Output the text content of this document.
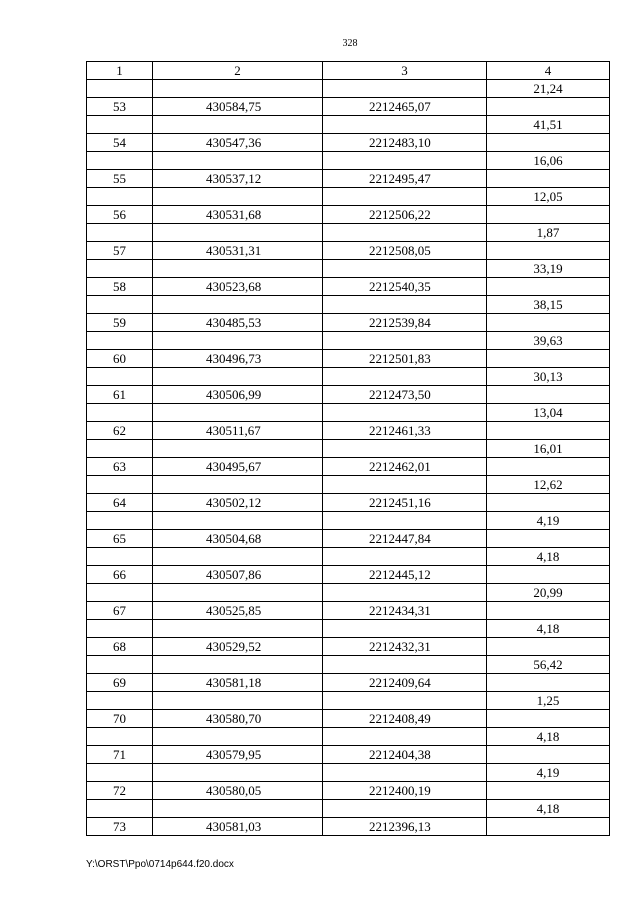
328
1	2	3	4
			21,24
53	430584,75	2212465,07	
			41,51
54	430547,36	2212483,10	
			16,06
55	430537,12	2212495,47	
			12,05
56	430531,68	2212506,22	
			1,87
57	430531,31	2212508,05	
			33,19
58	430523,68	2212540,35	
			38,15
59	430485,53	2212539,84	
			39,63
60	430496,73	2212501,83	
			30,13
61	430506,99	2212473,50	
			13,04
62	430511,67	2212461,33	
			16,01
63	430495,67	2212462,01	
			12,62
64	430502,12	2212451,16	
			4,19
65	430504,68	2212447,84	
			4,18
66	430507,86	2212445,12	
			20,99
67	430525,85	2212434,31	
			4,18
68	430529,52	2212432,31	
			56,42
69	430581,18	2212409,64	
			1,25
70	430580,70	2212408,49	
			4,18
71	430579,95	2212404,38	
			4,19
72	430580,05	2212400,19	
			4,18
73	430581,03	2212396,13	
Y:\ORST\Ppo\0714p644.f20.docx
